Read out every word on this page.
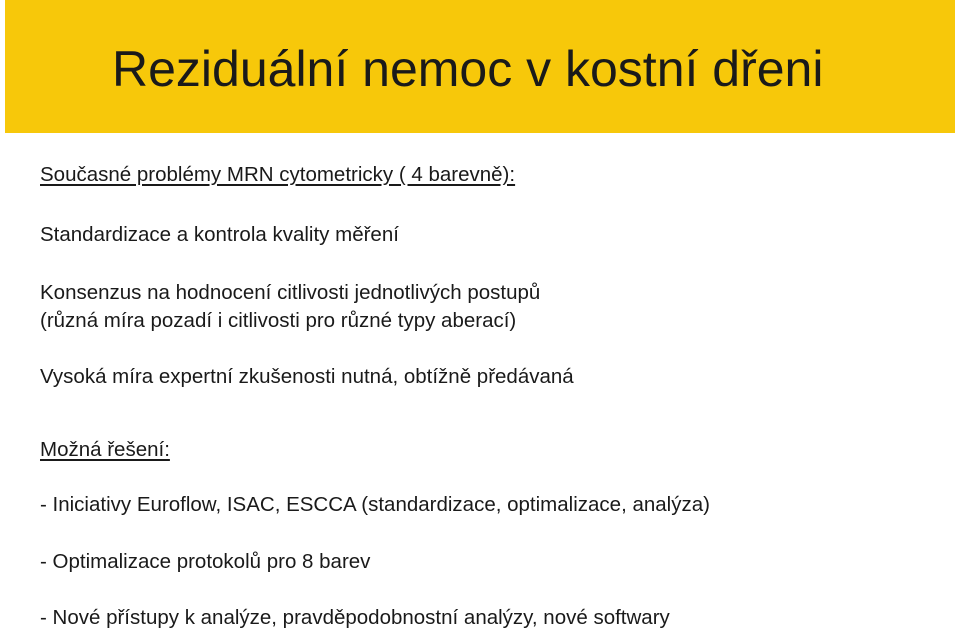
Reziduální nemoc v kostní dřeni

Současné problémy MRN cytometricky ( 4 barevně):

Standardizace a kontrola kvality měření

Konsenzus na hodnocení citlivosti jednotlivých postupů

(různá míra pozadí i citlivosti pro různé typy aberací)

Vysoká míra expertní zkušenosti nutná, obtížně předávaná

Možná řešení:

- Iniciativy Euroflow, ISAC, ESCCA (standardizace, optimalizace, analýza)

- Optimalizace protokolů pro 8 barev

- Nové přístupy k analýze, pravděpodobnostní analýzy, nové softwary
